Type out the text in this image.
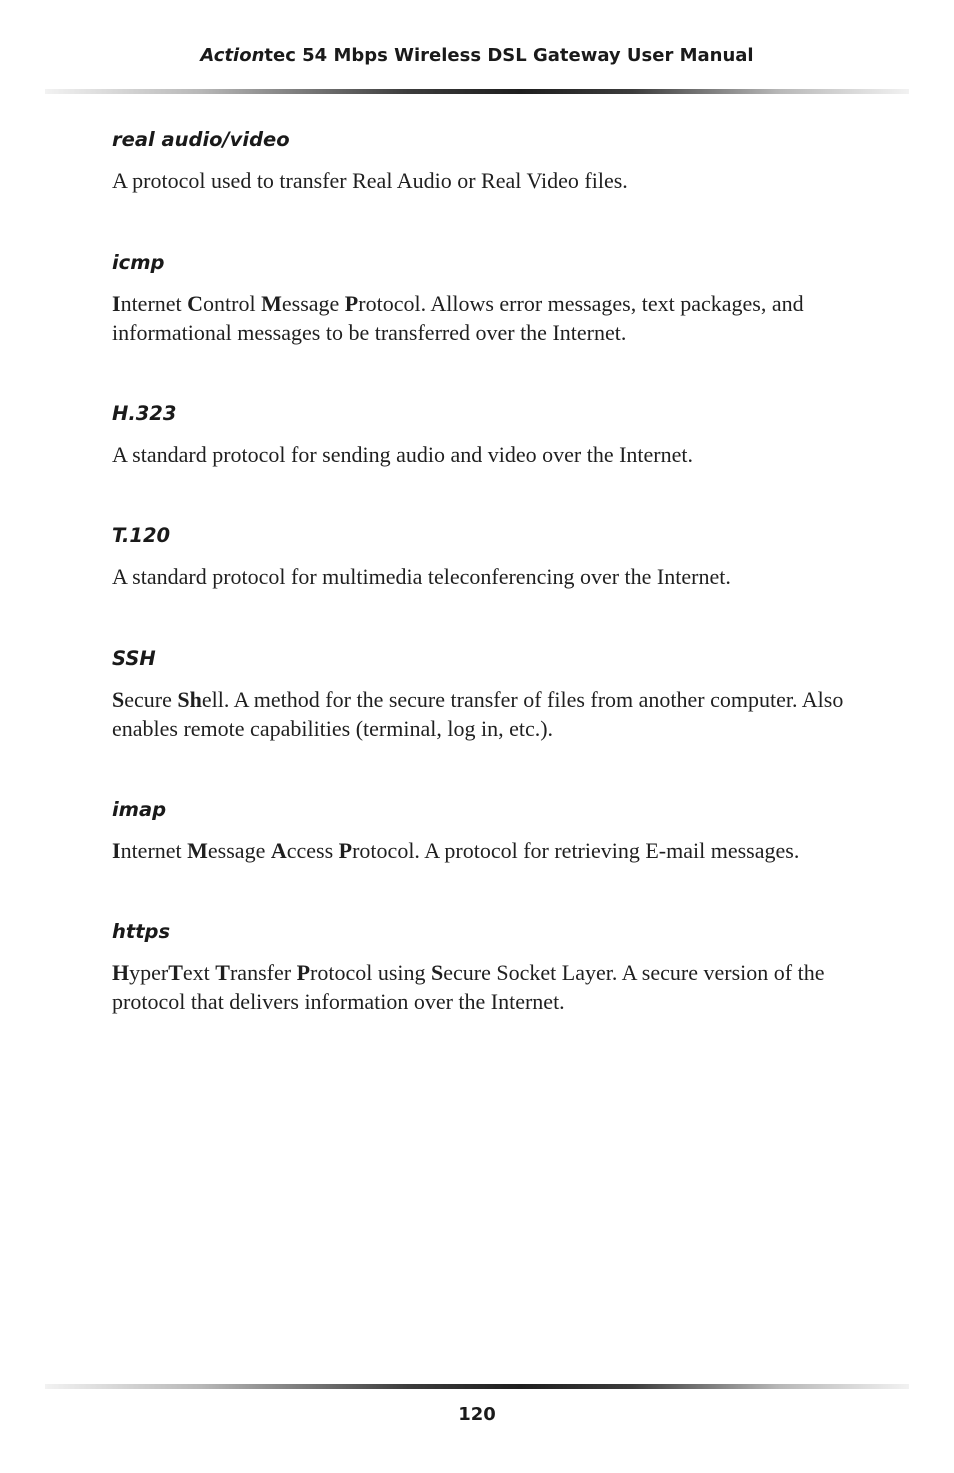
Actiontec 54 Mbps Wireless DSL Gateway User Manual

real audio/video

A protocol used to transfer Real Audio or Real Video files.

icmp

Internet Control Message Protocol. Allows error messages, text packages, and informational messages to be transferred over the Internet.

H.323

A standard protocol for sending audio and video over the Internet.

T.120

A standard protocol for multimedia teleconferencing over the Internet.

SSH

Secure Shell. A method for the secure transfer of files from another computer. Also enables remote capabilities (terminal, log in, etc.).

imap

Internet Message Access Protocol. A protocol for retrieving E-mail messages.

https

HyperText Transfer Protocol using Secure Socket Layer. A secure version of the protocol that delivers information over the Internet.

120
